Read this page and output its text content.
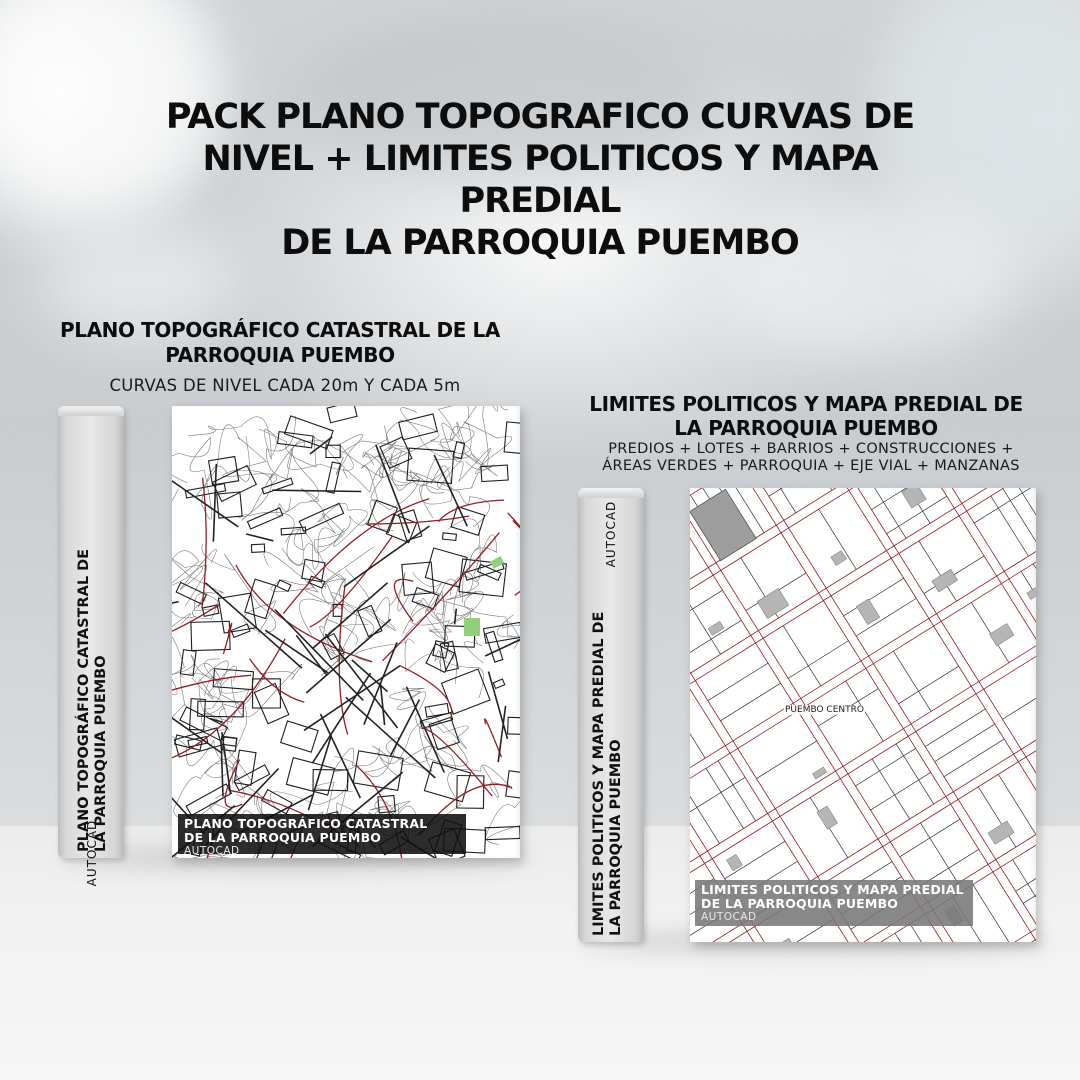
PACK PLANO TOPOGRAFICO CURVAS DE
NIVEL + LIMITES POLITICOS Y MAPA PREDIAL
DE LA PARROQUIA PUEMBO
PLANO TOPOGRÁFICO CATASTRAL DE LA
PARROQUIA PUEMBO
CURVAS DE NIVEL CADA 20m Y CADA 5m
LIMITES POLITICOS Y MAPA PREDIAL DE
LA PARROQUIA PUEMBO
PREDIOS + LOTES + BARRIOS + CONSTRUCCIONES +
ÁREAS VERDES + PARROQUIA + EJE VIAL + MANZANAS
AUTOCAD
PLANO TOPOGRÁFICO CATASTRAL DE LA PARROQUIA PUEMBO	PLANO TOPOGRÁFICO CATASTRAL
DE LA PARROQUIA PUEMBO
AUTOCAD
AUTOCAD
LIMITES POLITICOS Y MAPA PREDIAL DE LA PARROQUIA PUEMBO
PUEMBO CENTRO
LIMITES POLITICOS Y MAPA PREDIAL
DE LA PARROQUIA PUEMBO
AUTOCAD
